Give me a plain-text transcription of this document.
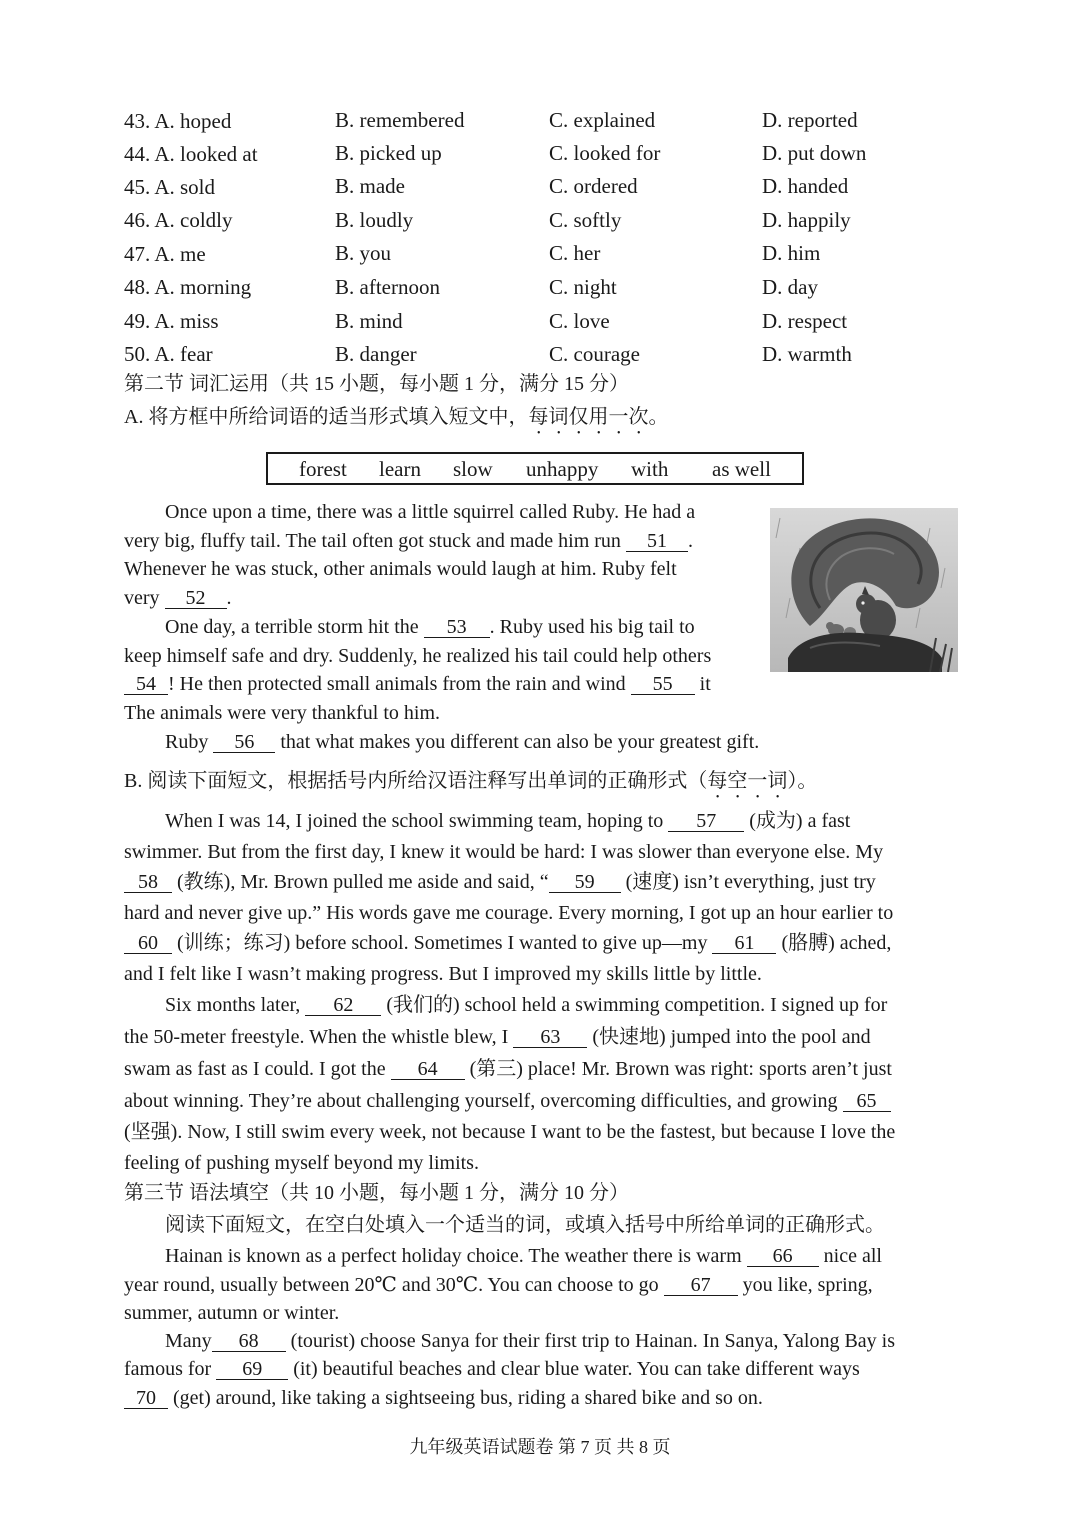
43. A. hoped	B. remembered	C. explained	D. reported
44. A. looked at	B. picked up	C. looked for	D. put down
45. A. sold	B. made	C. ordered	D. handed
46. A. coldly	B. loudly	C. softly	D. happily
47. A. me	B. you	C. her	D. him
48. A. morning	B. afternoon	C. night	D. day
49. A. miss	B. mind	C. love	D. respect
50. A. fear	B. danger	C. courage	D. warmth
第二节 词汇运用（共 15 小题，每小题 1 分，满分 15 分）
A. 将方框中所给词语的适当形式填入短文中，每词仅用一次。
forest learn slow unhappy with as well
Once upon a time, there was a little squirrel called Ruby. He had a
very big, fluffy tail. The tail often got stuck and made him run 51 .
Whenever he was stuck, other animals would laugh at him. Ruby felt
very 52 .
One day, a terrible storm hit the 53 . Ruby used his big tail to
keep himself safe and dry. Suddenly, he realized his tail could help others
54 ! He then protected small animals from the rain and wind 55 it
The animals were very thankful to him.
Ruby 56 that what makes you different can also be your greatest gift.
B. 阅读下面短文，根据括号内所给汉语注释写出单词的正确形式（每空一词）。
When I was 14, I joined the school swimming team, hoping to 57 (成为) a fast
swimmer. But from the first day, I knew it would be hard: I was slower than everyone else. My
58 (教练), Mr. Brown pulled me aside and said, “ 59 (速度) isn’t everything, just try
hard and never give up.” His words gave me courage. Every morning, I got up an hour earlier to
60 (训练；练习) before school. Sometimes I wanted to give up—my 61 (胳膊) ached,
and I felt like I wasn’t making progress. But I improved my skills little by little.
Six months later, 62 (我们的) school held a swimming competition. I signed up for
the 50-meter freestyle. When the whistle blew, I 63 (快速地) jumped into the pool and
swam as fast as I could. I got the 64 (第三) place! Mr. Brown was right: sports aren’t just
about winning. They’re about challenging yourself, overcoming difficulties, and growing 65
(坚强). Now, I still swim every week, not because I want to be the fastest, but because I love the
feeling of pushing myself beyond my limits.
第三节 语法填空（共 10 小题，每小题 1 分，满分 10 分）
阅读下面短文，在空白处填入一个适当的词，或填入括号中所给单词的正确形式。
Hainan is known as a perfect holiday choice. The weather there is warm 66 nice all
year round, usually between 20℃ and 30℃. You can choose to go 67 you like, spring,
summer, autumn or winter.
Many 68 (tourist) choose Sanya for their first trip to Hainan. In Sanya, Yalong Bay is
famous for 69 (it) beautiful beaches and clear blue water. You can take different ways
70 (get) around, like taking a sightseeing bus, riding a shared bike and so on.
九年级英语试题卷 第 7 页 共 8 页
